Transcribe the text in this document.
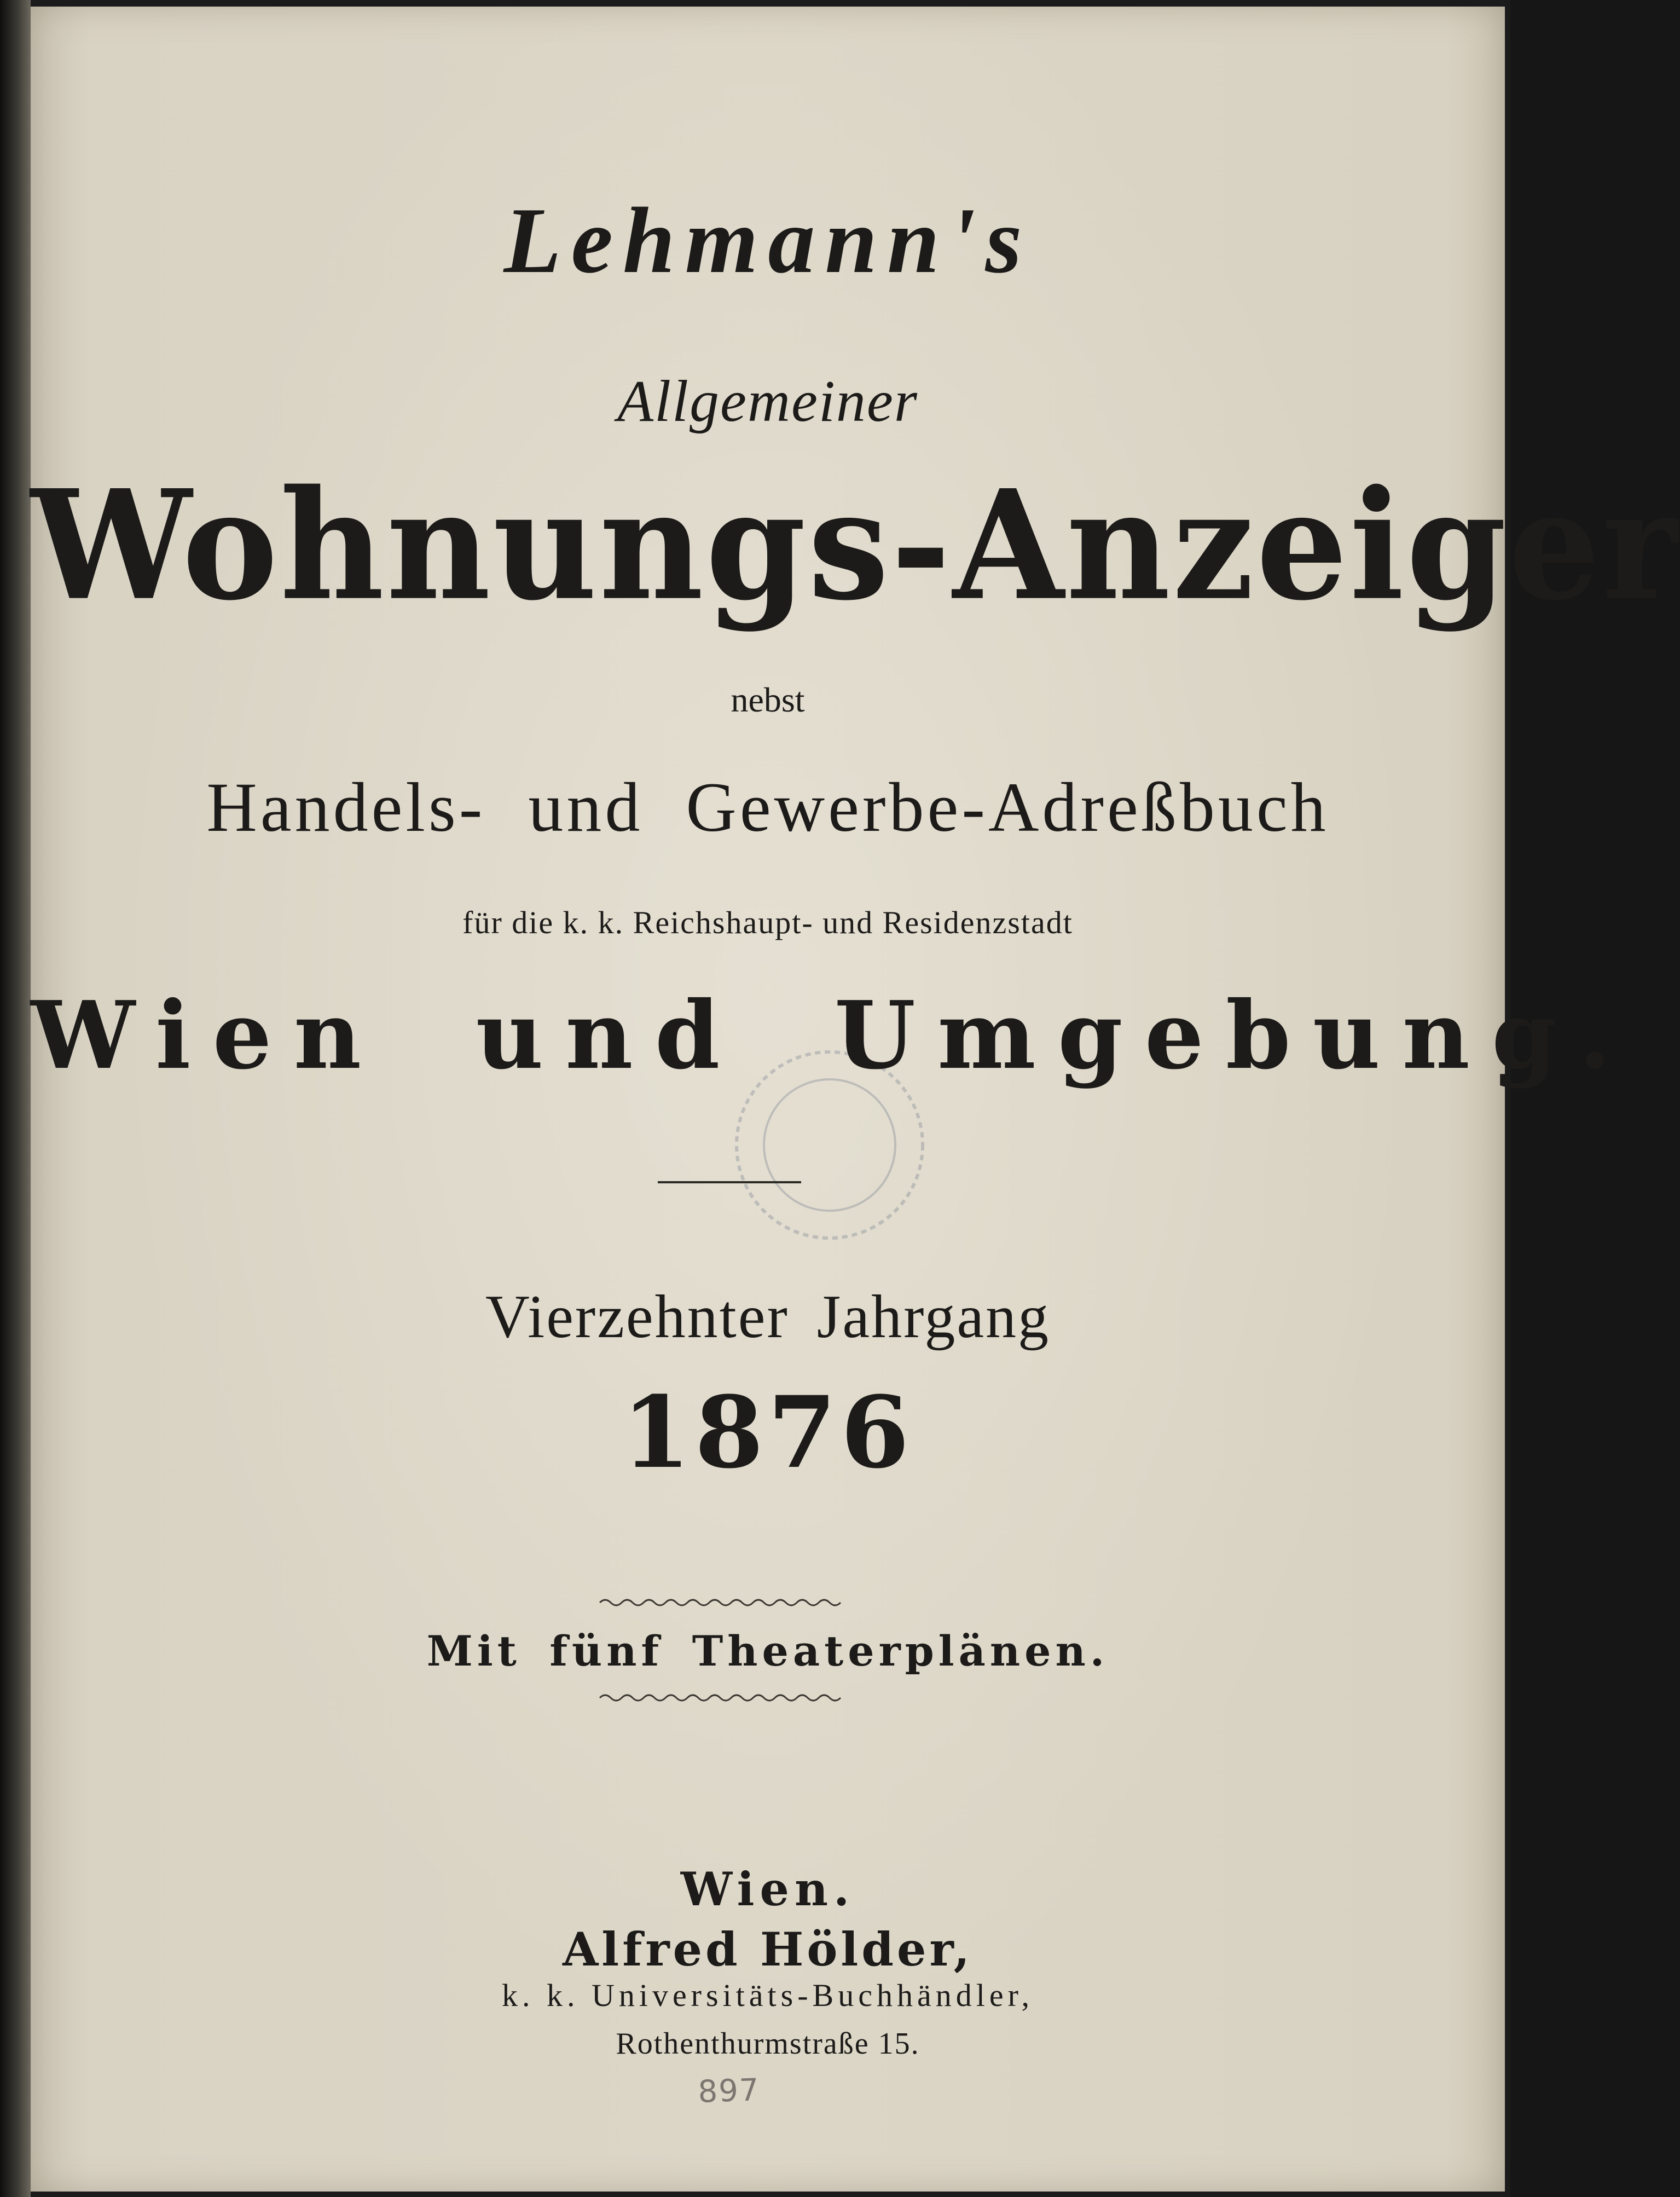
Lehmann's

Allgemeiner

Wohnungs-Anzeiger

nebst

Handels- und Gewerbe-Adreßbuch

für die k. k. Reichshaupt- und Residenzstadt

Wien und Umgebung.

Vierzehnter Jahrgang

1876

Mit fünf Theaterplänen.

Wien.

Alfred Hölder,

k. k. Universitäts-Buchhändler,

Rothenthurmstraße 15.

897
